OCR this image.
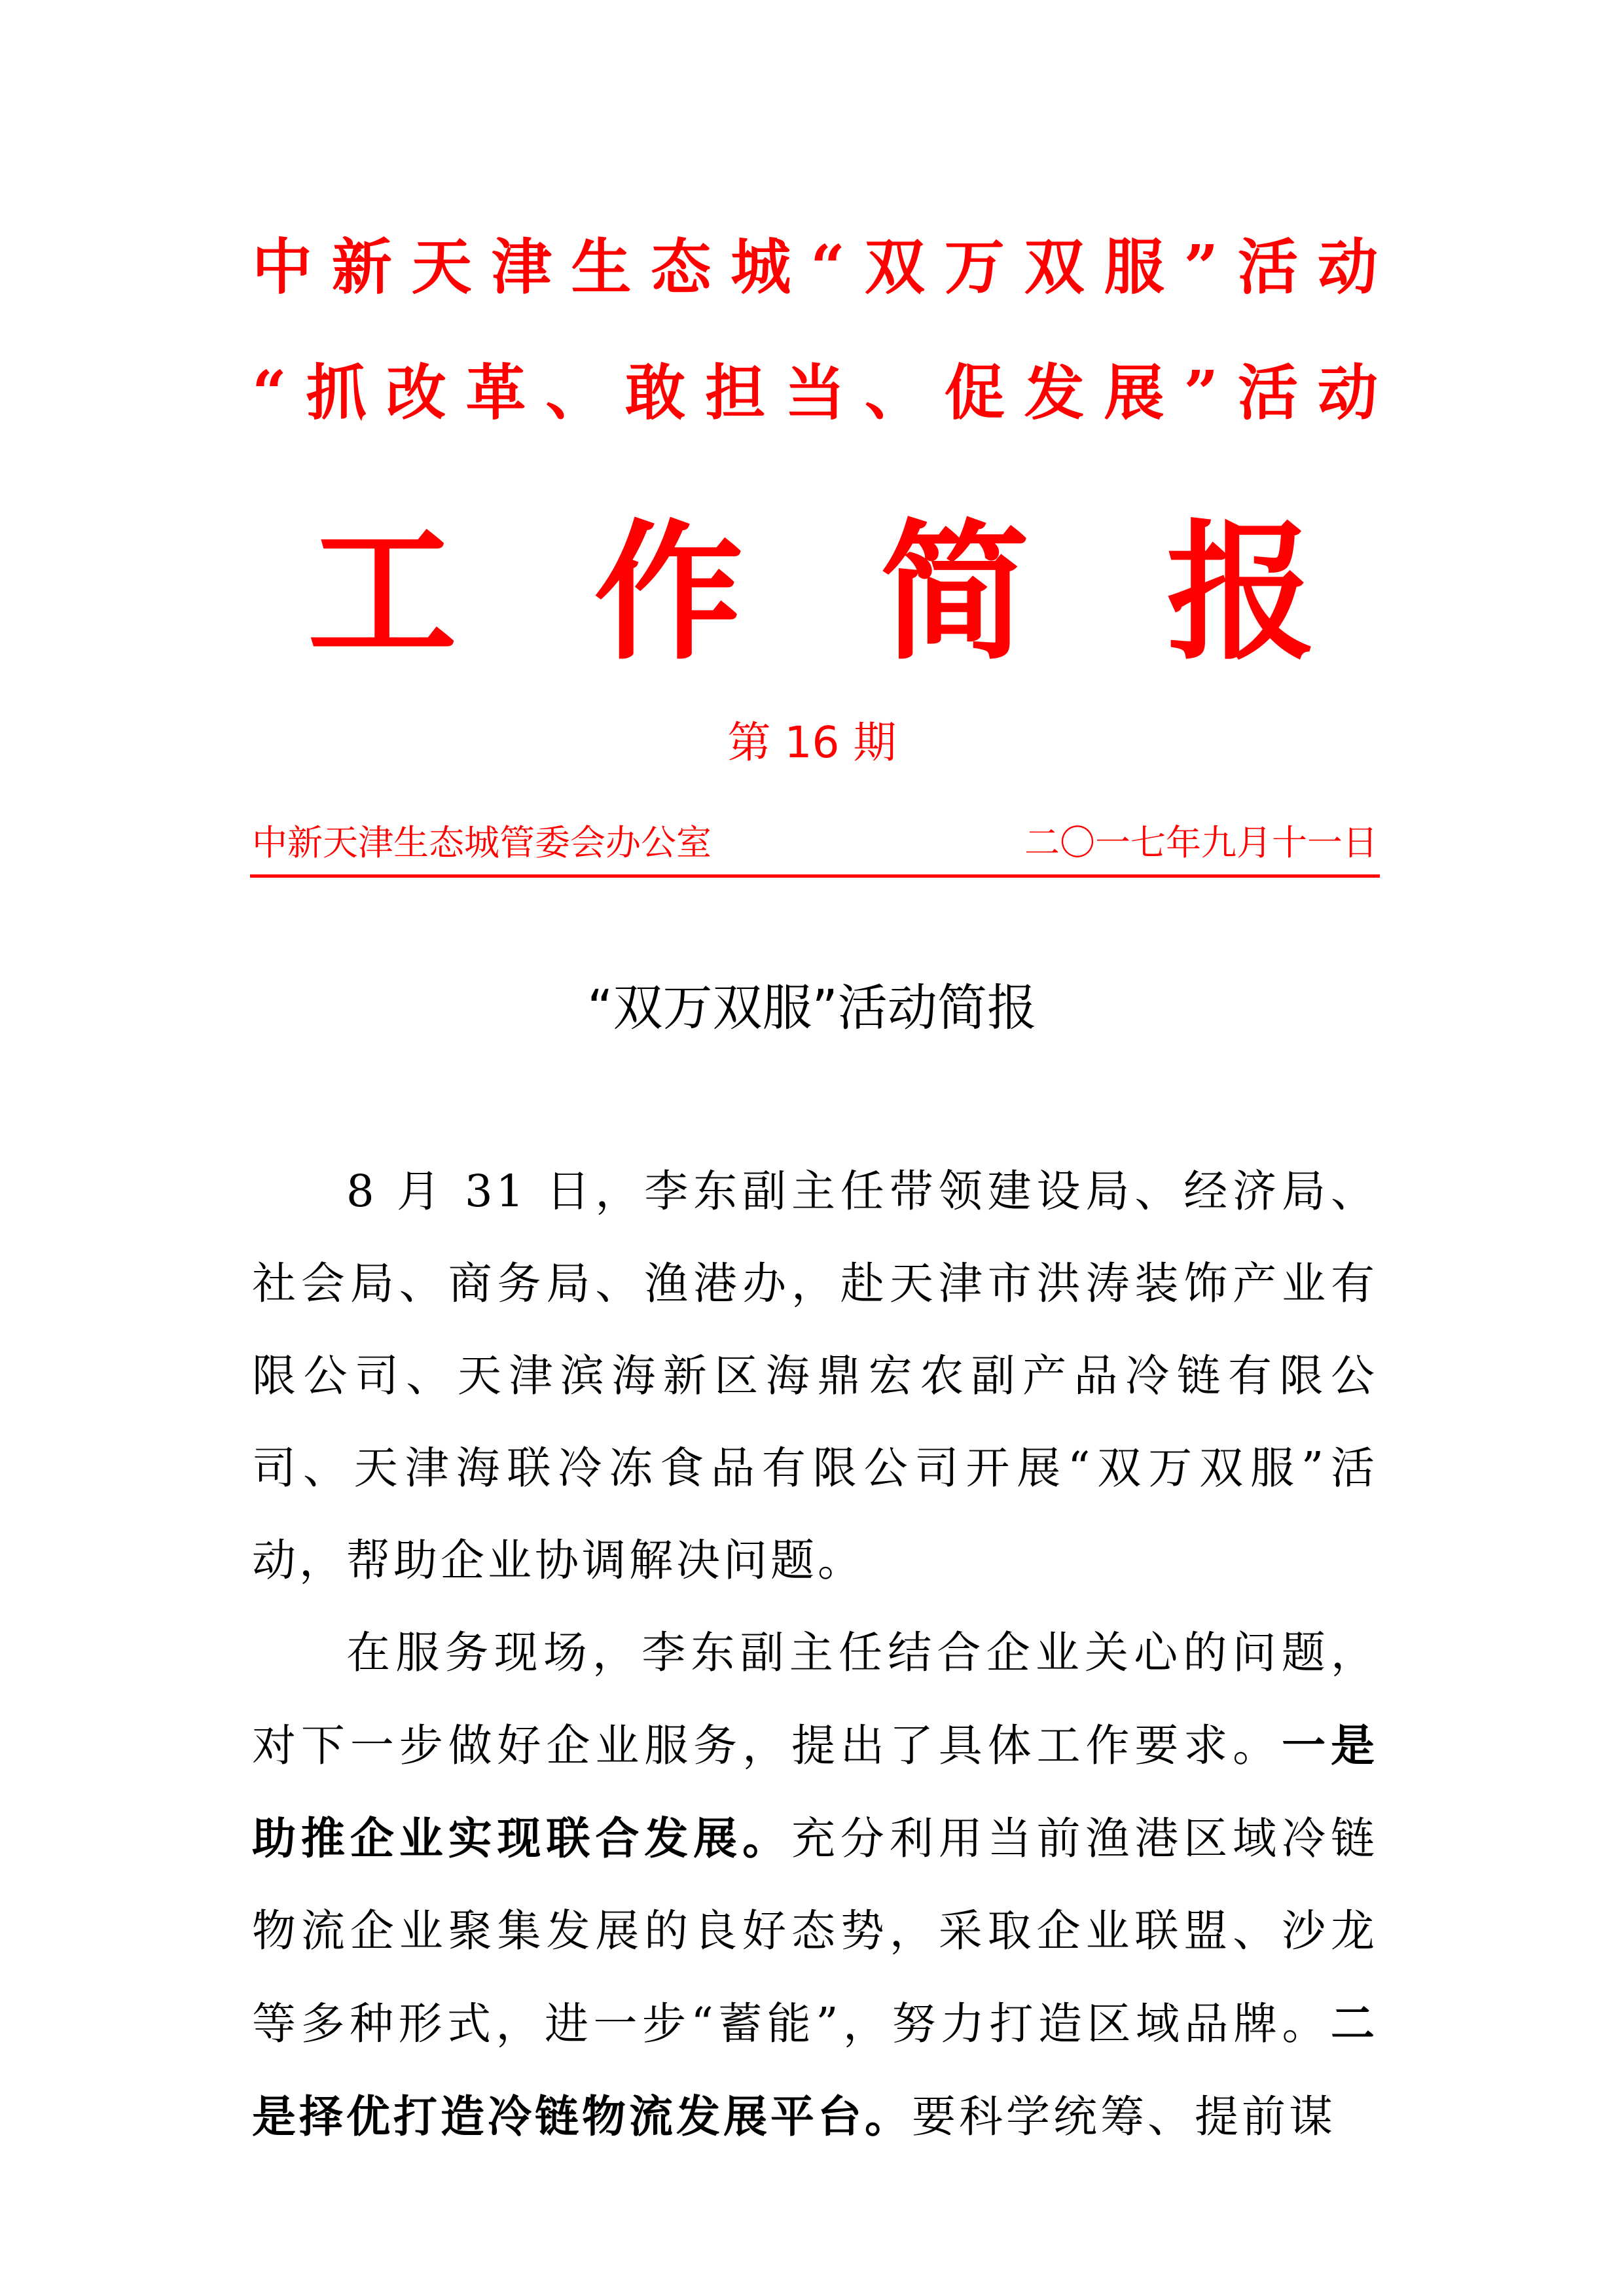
中新天津生态城“双万双服”活动
“抓改革、敢担当、促发展”活动
工 作 简 报
第 16 期
中新天津生态城管委会办公室	二〇一七年九月十一日
“双万双服”活动简报

8 月 31 日，李东副主任带领建设局、经济局、社会局、商务局、渔港办，赴天津市洪涛装饰产业有限公司、天津滨海新区海鼎宏农副产品冷链有限公司、天津海联冷冻食品有限公司开展“双万双服”活动，帮助企业协调解决问题。

在服务现场，李东副主任结合企业关心的问题，对下一步做好企业服务，提出了具体工作要求。一是助推企业实现联合发展。充分利用当前渔港区域冷链物流企业聚集发展的良好态势，采取企业联盟、沙龙等多种形式，进一步“蓄能”，努力打造区域品牌。二是择优打造冷链物流发展平台。要科学统筹、提前谋
